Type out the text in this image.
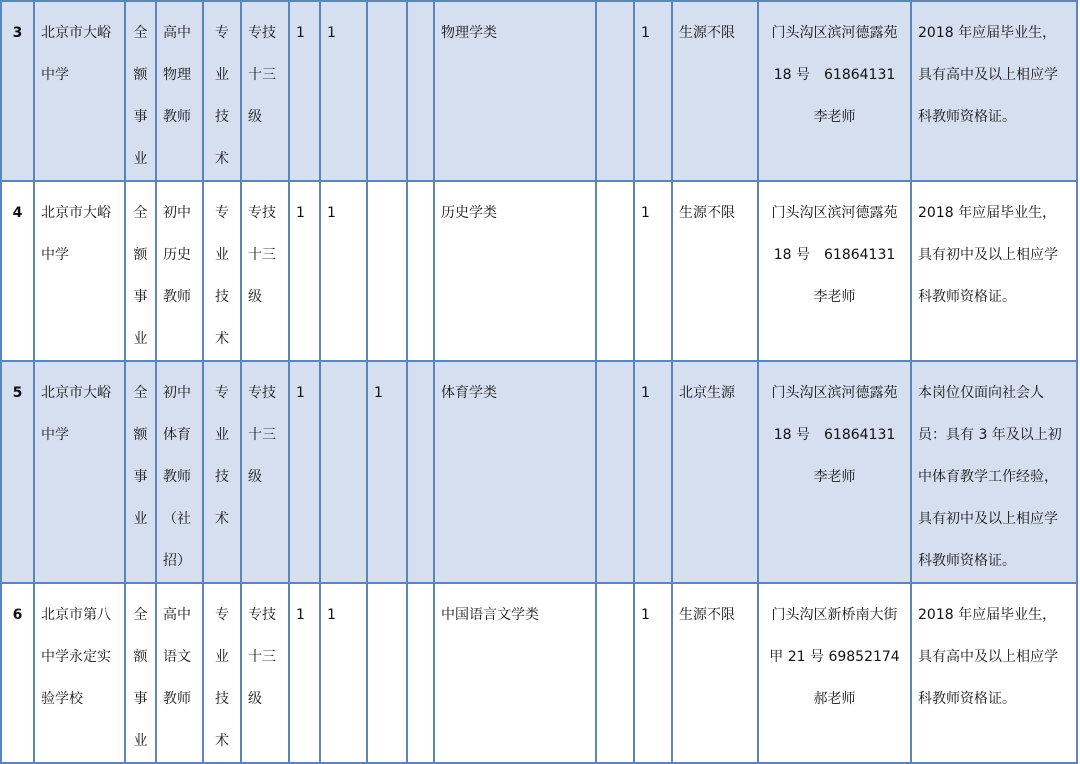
3	北京市大峪中学	全额事业	高中物理教师	专业技术	专技十三级	1	1			物理学类		1	生源不限	门头沟区滨河德露苑
18 号　61864131
李老师	2018 年应届毕业生，具有高中及以上相应学科教师资格证。
4	北京市大峪中学	全额事业	初中历史教师	专业技术	专技十三级	1	1			历史学类		1	生源不限	门头沟区滨河德露苑
18 号　61864131
李老师	2018 年应届毕业生，具有初中及以上相应学科教师资格证。
5	北京市大峪中学	全额事业	初中体育教师（社招）	专业技术	专技十三级	1		1		体育学类		1	北京生源	门头沟区滨河德露苑
18 号　61864131
李老师	本岗位仅面向社会人员：具有 3 年及以上初中体育教学工作经验，具有初中及以上相应学科教师资格证。
6	北京市第八中学永定实验学校	全额事业	高中语文教师	专业技术	专技十三级	1	1			中国语言文学类		1	生源不限	门头沟区新桥南大街
甲 21 号 69852174
郝老师	2018 年应届毕业生，具有高中及以上相应学科教师资格证。
